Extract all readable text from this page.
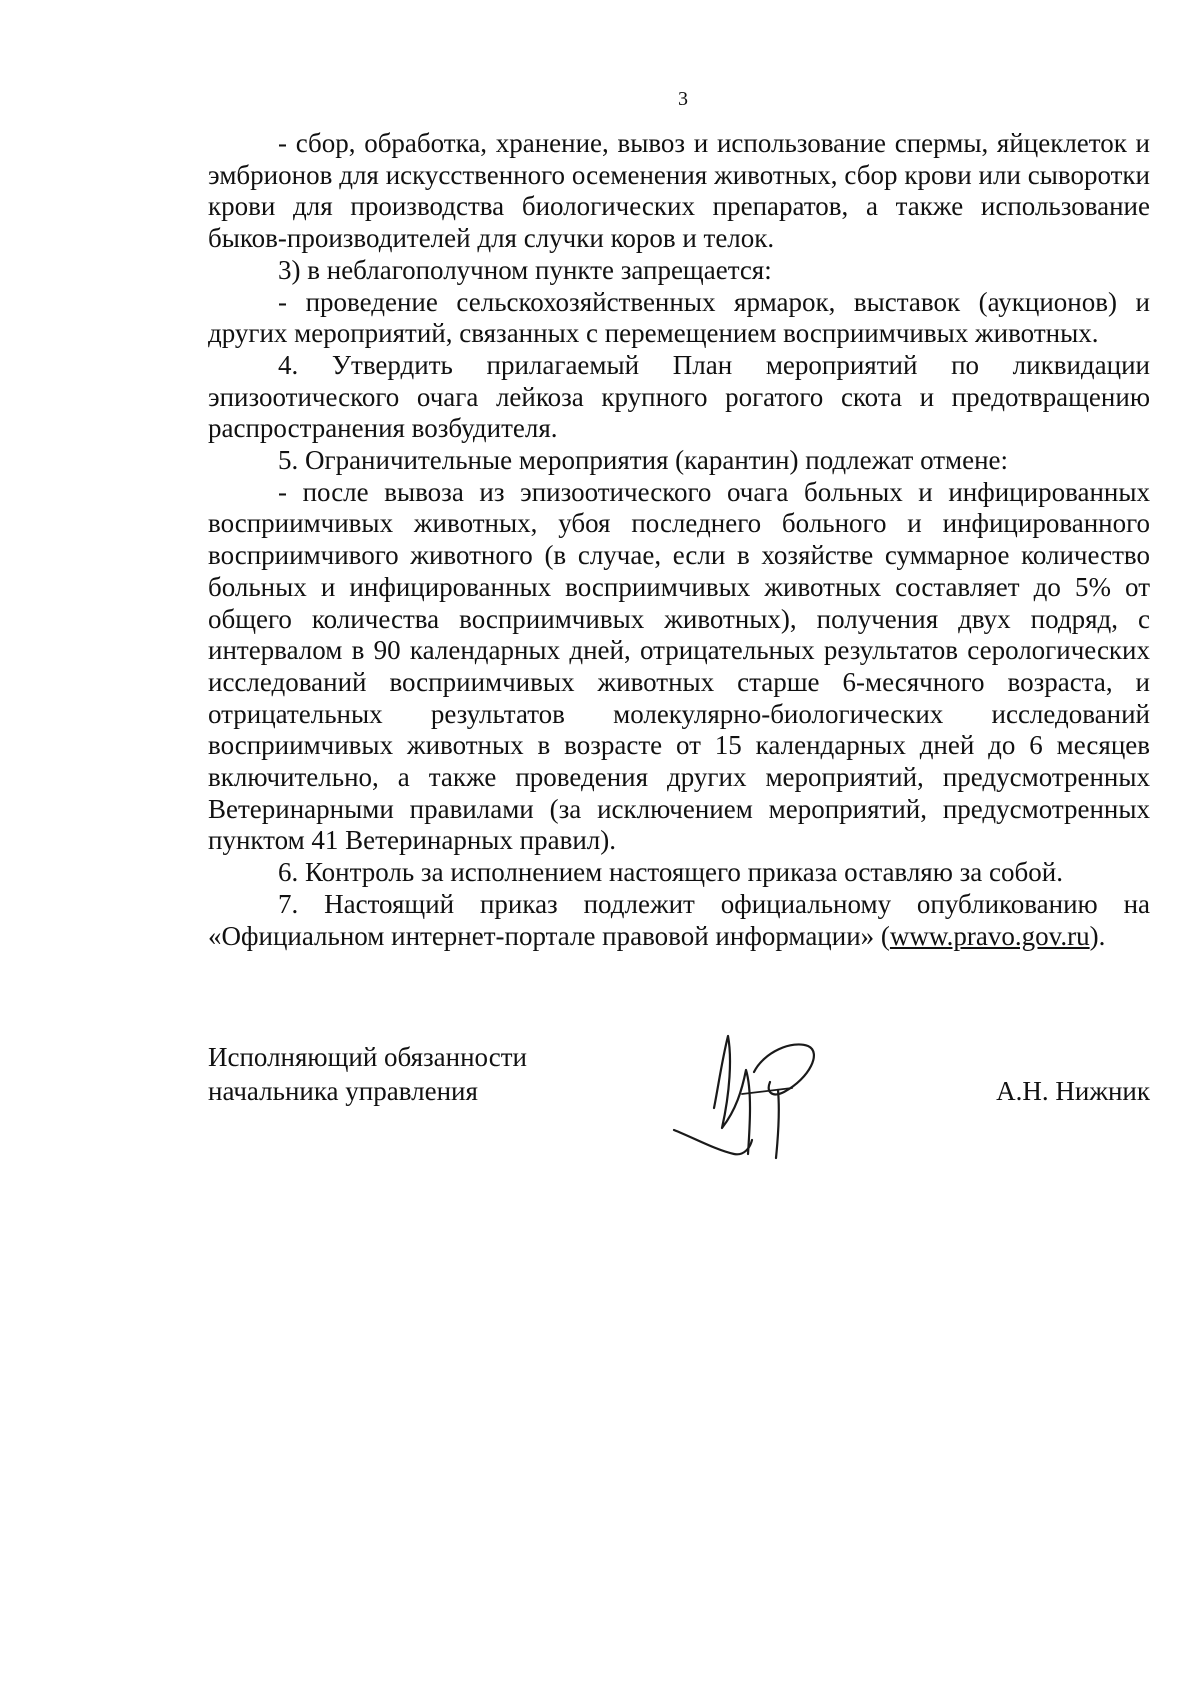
3

- сбор, обработка, хранение, вывоз и использование спермы, яйцеклеток и эмбрионов для искусственного осеменения животных, сбор крови или сыворотки крови для производства биологических препаратов, а также использование быков-производителей для случки коров и телок.

3) в неблагополучном пункте запрещается:

- проведение сельскохозяйственных ярмарок, выставок (аукционов) и других мероприятий, связанных с перемещением восприимчивых животных.

4. Утвердить прилагаемый План мероприятий по ликвидации эпизоотического очага лейкоза крупного рогатого скота и предотвращению распространения возбудителя.

5. Ограничительные мероприятия (карантин) подлежат отмене:

- после вывоза из эпизоотического очага больных и инфицированных восприимчивых животных, убоя последнего больного и инфицированного восприимчивого животного (в случае, если в хозяйстве суммарное количество больных и инфицированных восприимчивых животных составляет до 5% от общего количества восприимчивых животных), получения двух подряд, с интервалом в 90 календарных дней, отрицательных результатов серологических исследований восприимчивых животных старше 6-месячного возраста, и отрицательных результатов молекулярно-биологических исследований восприимчивых животных в возрасте от 15 календарных дней до 6 месяцев включительно, а также проведения других мероприятий, предусмотренных Ветеринарными правилами (за исключением мероприятий, предусмотренных пунктом 41 Ветеринарных правил).

6. Контроль за исполнением настоящего приказа оставляю за собой.

7. Настоящий приказ подлежит официальному опубликованию на «Официальном интернет-портале правовой информации» (www.pravo.gov.ru).

Исполняющий обязанности
начальника управления	А.Н. Нижник
